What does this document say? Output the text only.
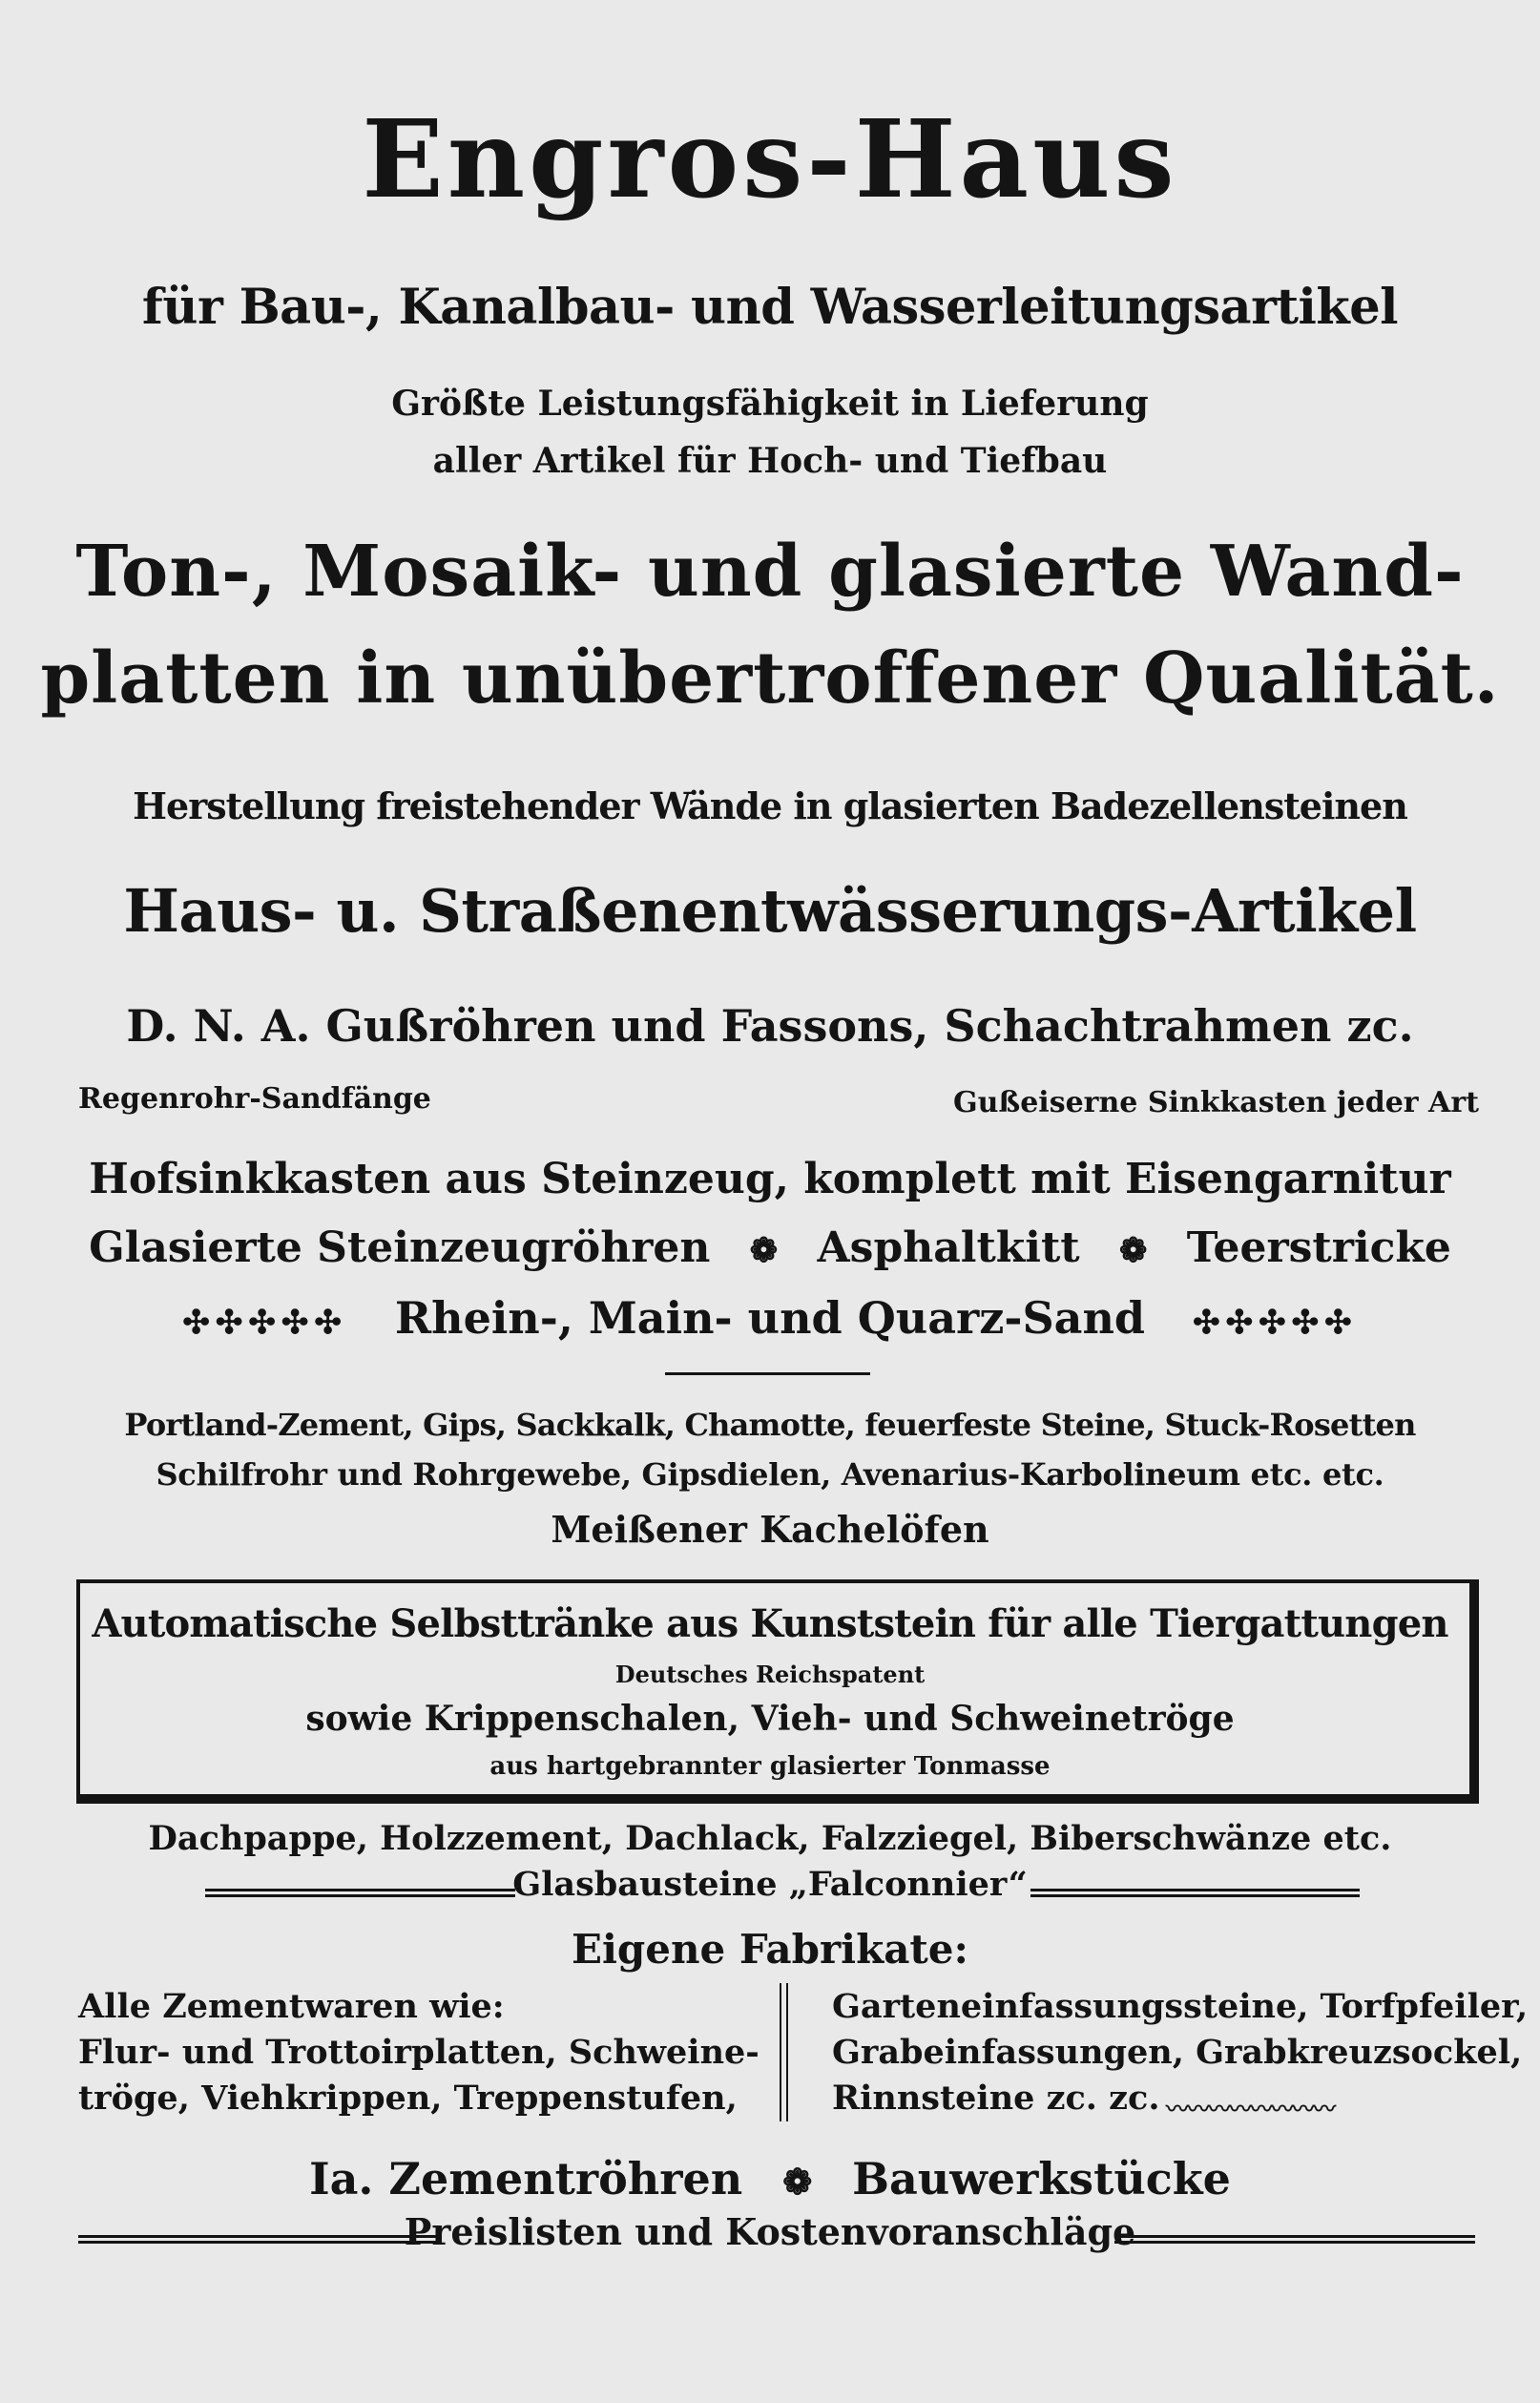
Engros-Haus
für Bau-, Kanalbau- und Wasserleitungsartikel
Größte Leistungsfähigkeit in Lieferung
aller Artikel für Hoch- und Tiefbau
Ton-, Mosaik- und glasierte Wand-
platten in unübertroffener Qualität.
Herstellung freistehender Wände in glasierten Badezellensteinen
Haus- u. Straßenentwässerungs-Artikel
D. N. A. Gußröhren und Fassons, Schachtrahmen zc.
Regenrohr-Sandfänge	Gußeiserne Sinkkasten jeder Art
Hofsinkkasten aus Steinzeug, komplett mit Eisengarnitur
Glasierte Steinzeugröhren ❁ Asphaltkitt ❁ Teerstricke
✣✣✣✣✣ Rhein-, Main- und Quarz-Sand ✣✣✣✣✣
Portland-Zement, Gips, Sackkalk, Chamotte, feuerfeste Steine, Stuck-Rosetten
Schilfrohr und Rohrgewebe, Gipsdielen, Avenarius-Karbolineum etc. etc.
Meißener Kachelöfen
Automatische Selbsttränke aus Kunststein für alle Tiergattungen
Deutsches Reichspatent
sowie Krippenschalen, Vieh- und Schweinetröge
aus hartgebrannter glasierter Tonmasse
Dachpappe, Holzzement, Dachlack, Falzziegel, Biberschwänze etc.
Glasbausteine „Falconnier“
Eigene Fabrikate:
Alle Zementwaren wie:
Flur- und Trottoirplatten, Schweine-
tröge, Viehkrippen, Treppenstufen,
Garteneinfassungssteine, Torfpfeiler,
Grabeinfassungen, Grabkreuzsockel,
Rinnsteine zc. zc. 〰〰〰〰〰〰〰〰
Ia. Zementröhren ❁ Bauwerkstücke
Preislisten und Kostenvoranschläge
